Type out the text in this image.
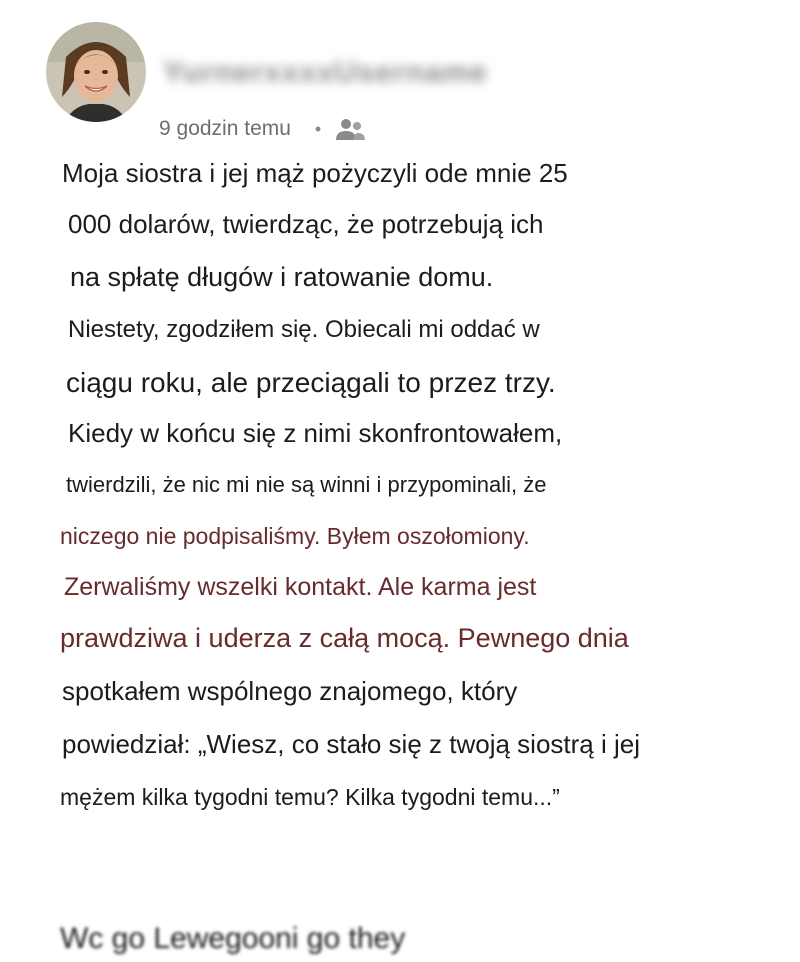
YurnerxxxxUsername
9 godzin temu •
Moja siostra i jej mąż pożyczyli ode mnie 25
000 dolarów, twierdząc, że potrzebują ich
na spłatę długów i ratowanie domu.
Niestety, zgodziłem się. Obiecali mi oddać w
ciągu roku, ale przeciągali to przez trzy.
Kiedy w końcu się z nimi skonfrontowałem,
twierdzili, że nic mi nie są winni i przypominali, że
niczego nie podpisaliśmy. Byłem oszołomiony.
Zerwaliśmy wszelki kontakt. Ale karma jest
prawdziwa i uderza z całą mocą. Pewnego dnia
spotkałem wspólnego znajomego, który
powiedział: „Wiesz, co stało się z twoją siostrą i jej
mężem kilka tygodni temu? Kilka tygodni temu...”
Wc go Lewegooni go they
